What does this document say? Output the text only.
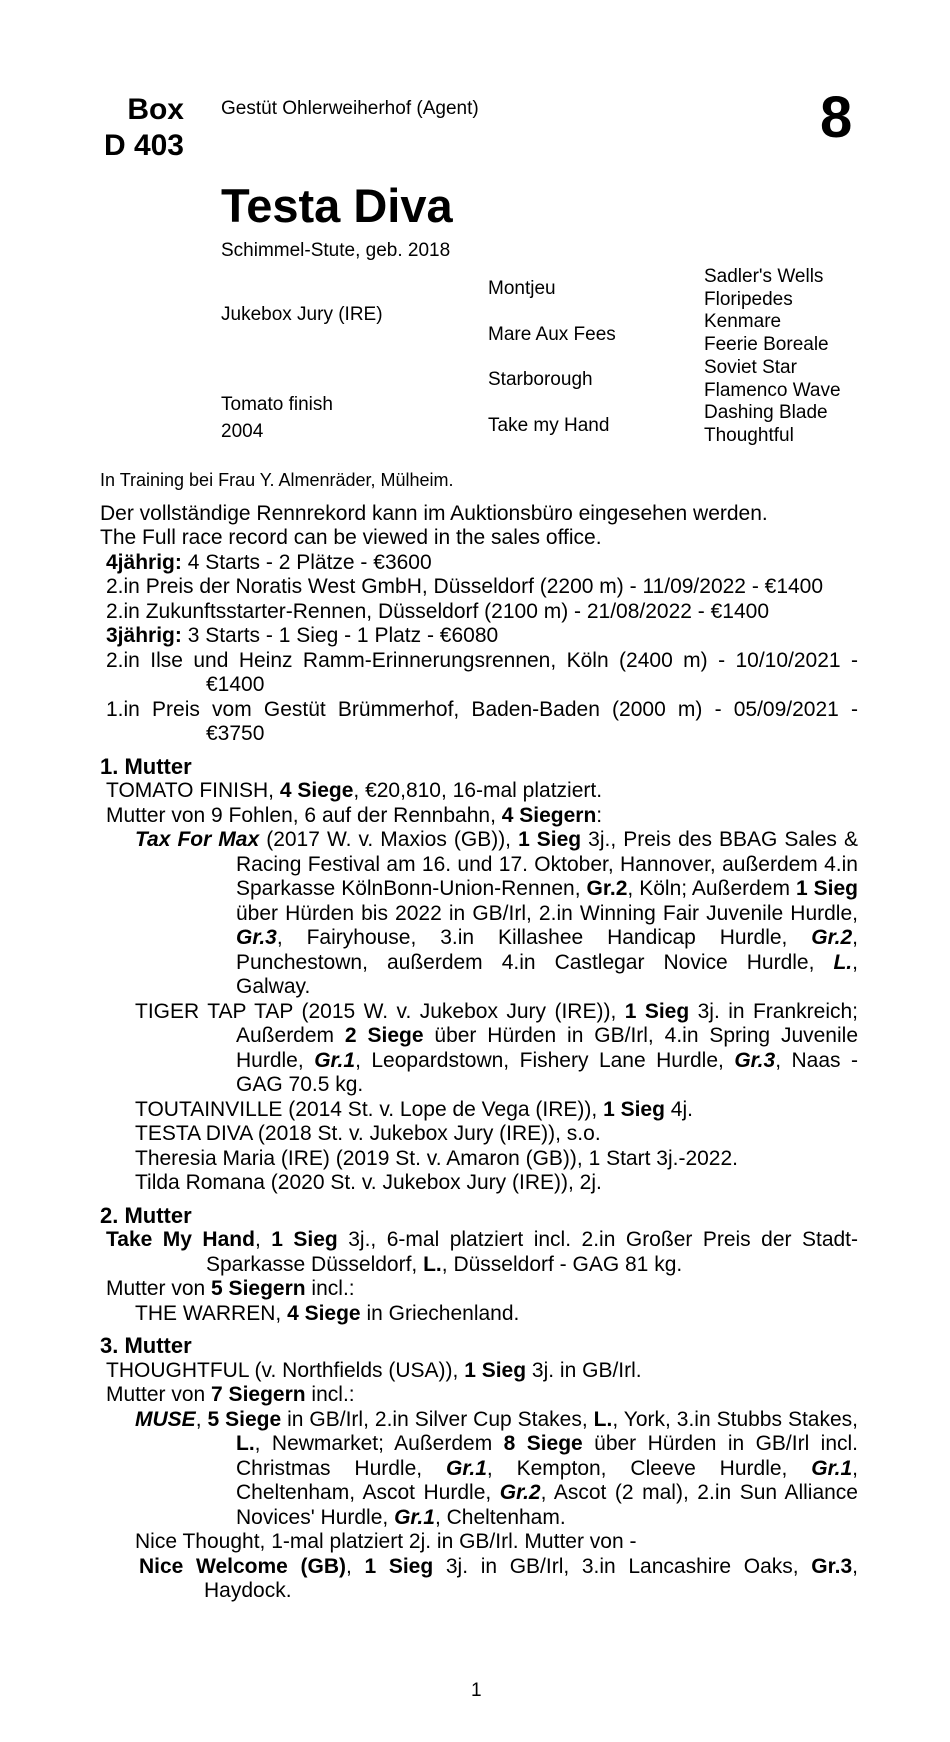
Box
D 403
Gestüt Ohlerweiherhof (Agent)	8
Testa Diva
Schimmel-Stute, geb. 2018
Jukebox Jury (IRE)
Tomato finish
2004
Montjeu
Mare Aux Fees
Starborough
Take my Hand
Sadler's Wells
Floripedes
Kenmare
Feerie Boreale
Soviet Star
Flamenco Wave
Dashing Blade
Thoughtful

In Training bei Frau Y. Almenräder, Mülheim.

Der vollständige Rennrekord kann im Auktionsbüro eingesehen werden.

The Full race record can be viewed in the sales office.

4jährig: 4 Starts - 2 Plätze - €3600

2.in Preis der Noratis West GmbH, Düsseldorf (2200 m) - 11/09/2022 - €1400

2.in Zukunftsstarter-Rennen, Düsseldorf (2100 m) - 21/08/2022 - €1400

3jährig: 3 Starts - 1 Sieg - 1 Platz - €6080

2.in Ilse und Heinz Ramm-Erinnerungsrennen, Köln (2400 m) - 10/10/2021 - €1400

1.in Preis vom Gestüt Brümmerhof, Baden-Baden (2000 m) - 05/09/2021 - €3750

1. Mutter

TOMATO FINISH, 4 Siege, €20,810, 16-mal platziert.

Mutter von 9 Fohlen, 6 auf der Rennbahn, 4 Siegern:

Tax For Max (2017 W. v. Maxios (GB)), 1 Sieg 3j., Preis des BBAG Sales & Racing Festival am 16. und 17. Oktober, Hannover, außerdem 4.in Sparkasse KölnBonn-Union-Rennen, Gr.2, Köln; Außerdem 1 Sieg über Hürden bis 2022 in GB/Irl, 2.in Winning Fair Juvenile Hurdle, Gr.3, Fairyhouse, 3.in Killashee Handicap Hurdle, Gr.2, Punchestown, außerdem 4.in Castlegar Novice Hurdle, L., Galway.

TIGER TAP TAP (2015 W. v. Jukebox Jury (IRE)), 1 Sieg 3j. in Frankreich; Außerdem 2 Siege über Hürden in GB/Irl, 4.in Spring Juvenile Hurdle, Gr.1, Leopardstown, Fishery Lane Hurdle, Gr.3, Naas - GAG 70.5 kg.

TOUTAINVILLE (2014 St. v. Lope de Vega (IRE)), 1 Sieg 4j.

TESTA DIVA (2018 St. v. Jukebox Jury (IRE)), s.o.

Theresia Maria (IRE) (2019 St. v. Amaron (GB)), 1 Start 3j.-2022.

Tilda Romana (2020 St. v. Jukebox Jury (IRE)), 2j.

2. Mutter

Take My Hand, 1 Sieg 3j., 6-mal platziert incl. 2.in Großer Preis der Stadt-Sparkasse Düsseldorf, L., Düsseldorf - GAG 81 kg.

Mutter von 5 Siegern incl.:

THE WARREN, 4 Siege in Griechenland.

3. Mutter

THOUGHTFUL (v. Northfields (USA)), 1 Sieg 3j. in GB/Irl.

Mutter von 7 Siegern incl.:

MUSE, 5 Siege in GB/Irl, 2.in Silver Cup Stakes, L., York, 3.in Stubbs Stakes, L., Newmarket; Außerdem 8 Siege über Hürden in GB/Irl incl. Christmas Hurdle, Gr.1, Kempton, Cleeve Hurdle, Gr.1, Cheltenham, Ascot Hurdle, Gr.2, Ascot (2 mal), 2.in Sun Alliance Novices' Hurdle, Gr.1, Cheltenham.

Nice Thought, 1-mal platziert 2j. in GB/Irl. Mutter von -

Nice Welcome (GB), 1 Sieg 3j. in GB/Irl, 3.in Lancashire Oaks, Gr.3, Haydock.

1
